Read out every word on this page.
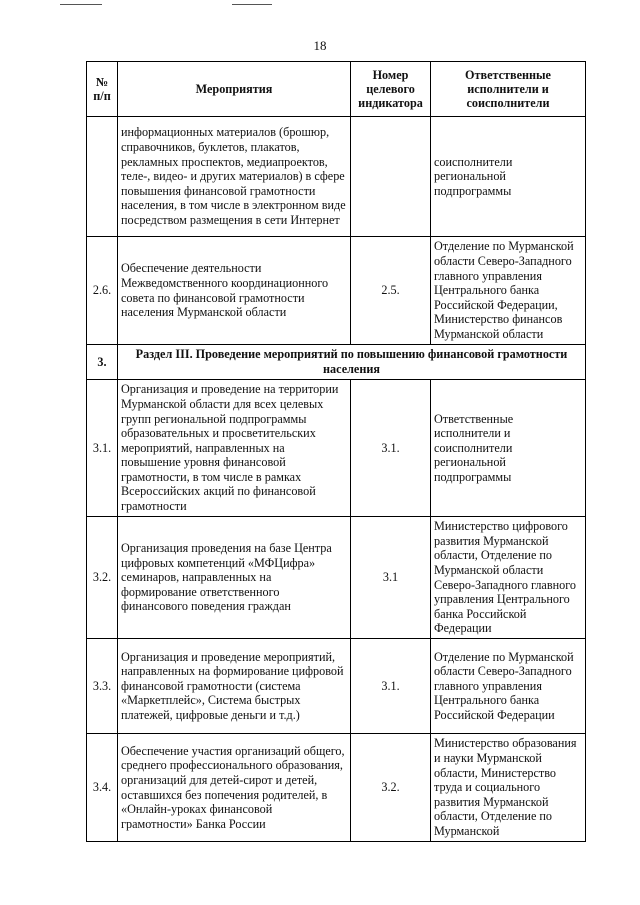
18
№ п/п	Мероприятия	Номер целевого индикатора	Ответственные исполнители и соисполнители
	информационных материалов (брошюр, справочников, буклетов, плакатов, рекламных проспектов, медиапроектов, теле-, видео- и других материалов) в сфере повышения финансовой грамотности населения, в том числе в электронном виде посредством размещения в сети Интернет		соисполнители региональной подпрограммы
2.6.	Обеспечение деятельности Межведомственного координационного совета по финансовой грамотности населения Мурманской области	2.5.	Отделение по Мурманской области Северо-Западного главного управления Центрального банка Российской Федерации, Министерство финансов Мурманской области
3.	Раздел III. Проведение мероприятий по повышению финансовой грамотности населения		
3.1.	Организация и проведение на территории Мурманской области для всех целевых групп региональной подпрограммы образовательных и просветительских мероприятий, направленных на повышение уровня финансовой грамотности, в том числе в рамках Всероссийских акций по финансовой грамотности	3.1.	Ответственные исполнители и соисполнители региональной подпрограммы
3.2.	Организация проведения на базе Центра цифровых компетенций «МФЦифра» семинаров, направленных на формирование ответственного финансового поведения граждан	3.1	Министерство цифрового развития Мурманской области, Отделение по Мурманской области Северо-Западного главного управления Центрального банка Российской Федерации
3.3.	Организация и проведение мероприятий, направленных на формирование цифровой финансовой грамотности (система «Маркетплейс», Система быстрых платежей, цифровые деньги и т.д.)	3.1.	Отделение по Мурманской области Северо-Западного главного управления Центрального банка Российской Федерации
3.4.	Обеспечение участия организаций общего, среднего профессионального образования, организаций для детей-сирот и детей, оставшихся без попечения родителей, в «Онлайн-уроках финансовой грамотности» Банка России	3.2.	Министерство образования и науки Мурманской области, Министерство труда и социального развития Мурманской области, Отделение по Мурманской
